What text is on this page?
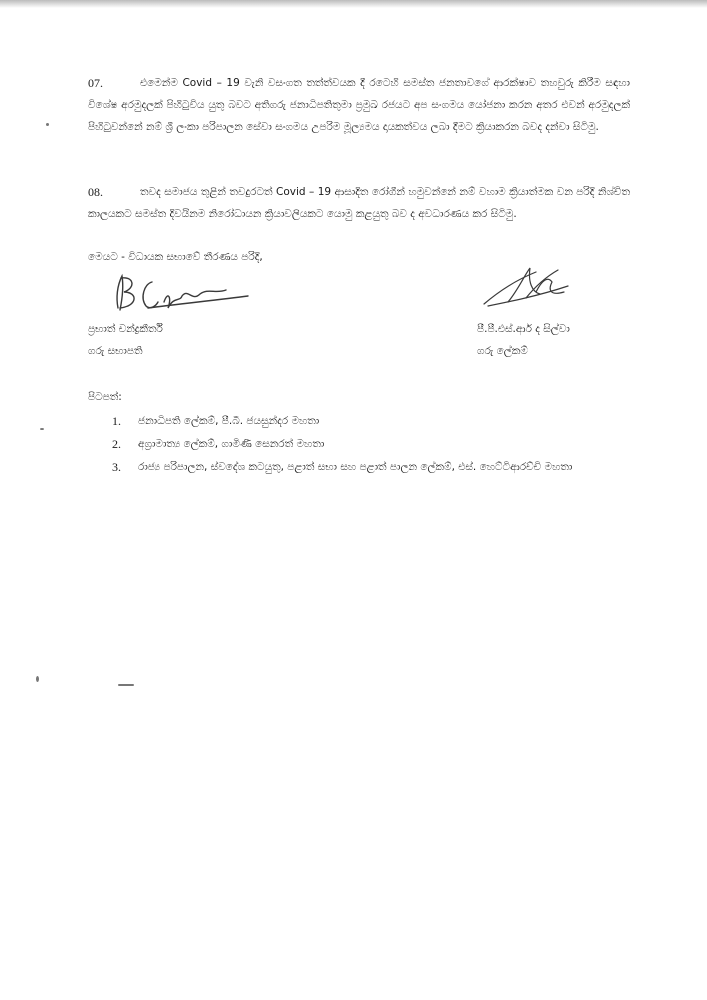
07.	එමෙන්ම Covid – 19 වැනි වසංගත තත්ත්වයක දී රටෙහි සමස්ත ජනතාවගේ ආරක්ෂාව තහවුරු කිරීම සඳහා විශේෂ අරමුදලක් පිහිටුවිය යුතු බවට අතිගරු ජනාධිපතිතුමා ප්‍රමුඛ රජයට අප සංගමය යෝජනා කරන අතර එවන් අරමුදලක් පිහිටුවන්නේ නම් ශ්‍රී ලංකා පරිපාලන සේවා සංගමය උපරිම මූල්‍යමය දායකත්වය ලබා දීමට ක්‍රියාකරන බවද දන්වා සිටිමු.
08.	තවද සමාජය තුළින් තවදුරටත් Covid – 19 ආසාදිත රෝගීන් හමුවන්නේ නම් වහාම ක්‍රියාත්මක වන පරිදි නිශ්චිත කාලයකට සමස්ත දිවයිනම නිරෝධායන ක්‍රියාවලියකට යොමු කළයුතු බව ද අවධාරණය කර සිටිමු.
මෙයට - විධායක සභාවේ තීරණය පරිදි,
ප්‍රභාත් චන්ද්‍රකීර්ති
ගරු සභාපති
පී.පී.එස්.ආර් ද සිල්වා
ගරු ලේකම්
පිටපත්:
1. ජනාධිපති ලේකම්, පී.බී. ජයසුන්දර මහතා
2. අග්‍රාමාත්‍ය ලේකම්, ගාමිණී සෙනරත් මහතා
3. රාජ්‍ය පරිපාලන, ස්වදේශ කටයුතු, පළාත් සභා සහ පළාත් පාලන ලේකම්, එස්. හෙට්ටිආරච්චි මහතා
